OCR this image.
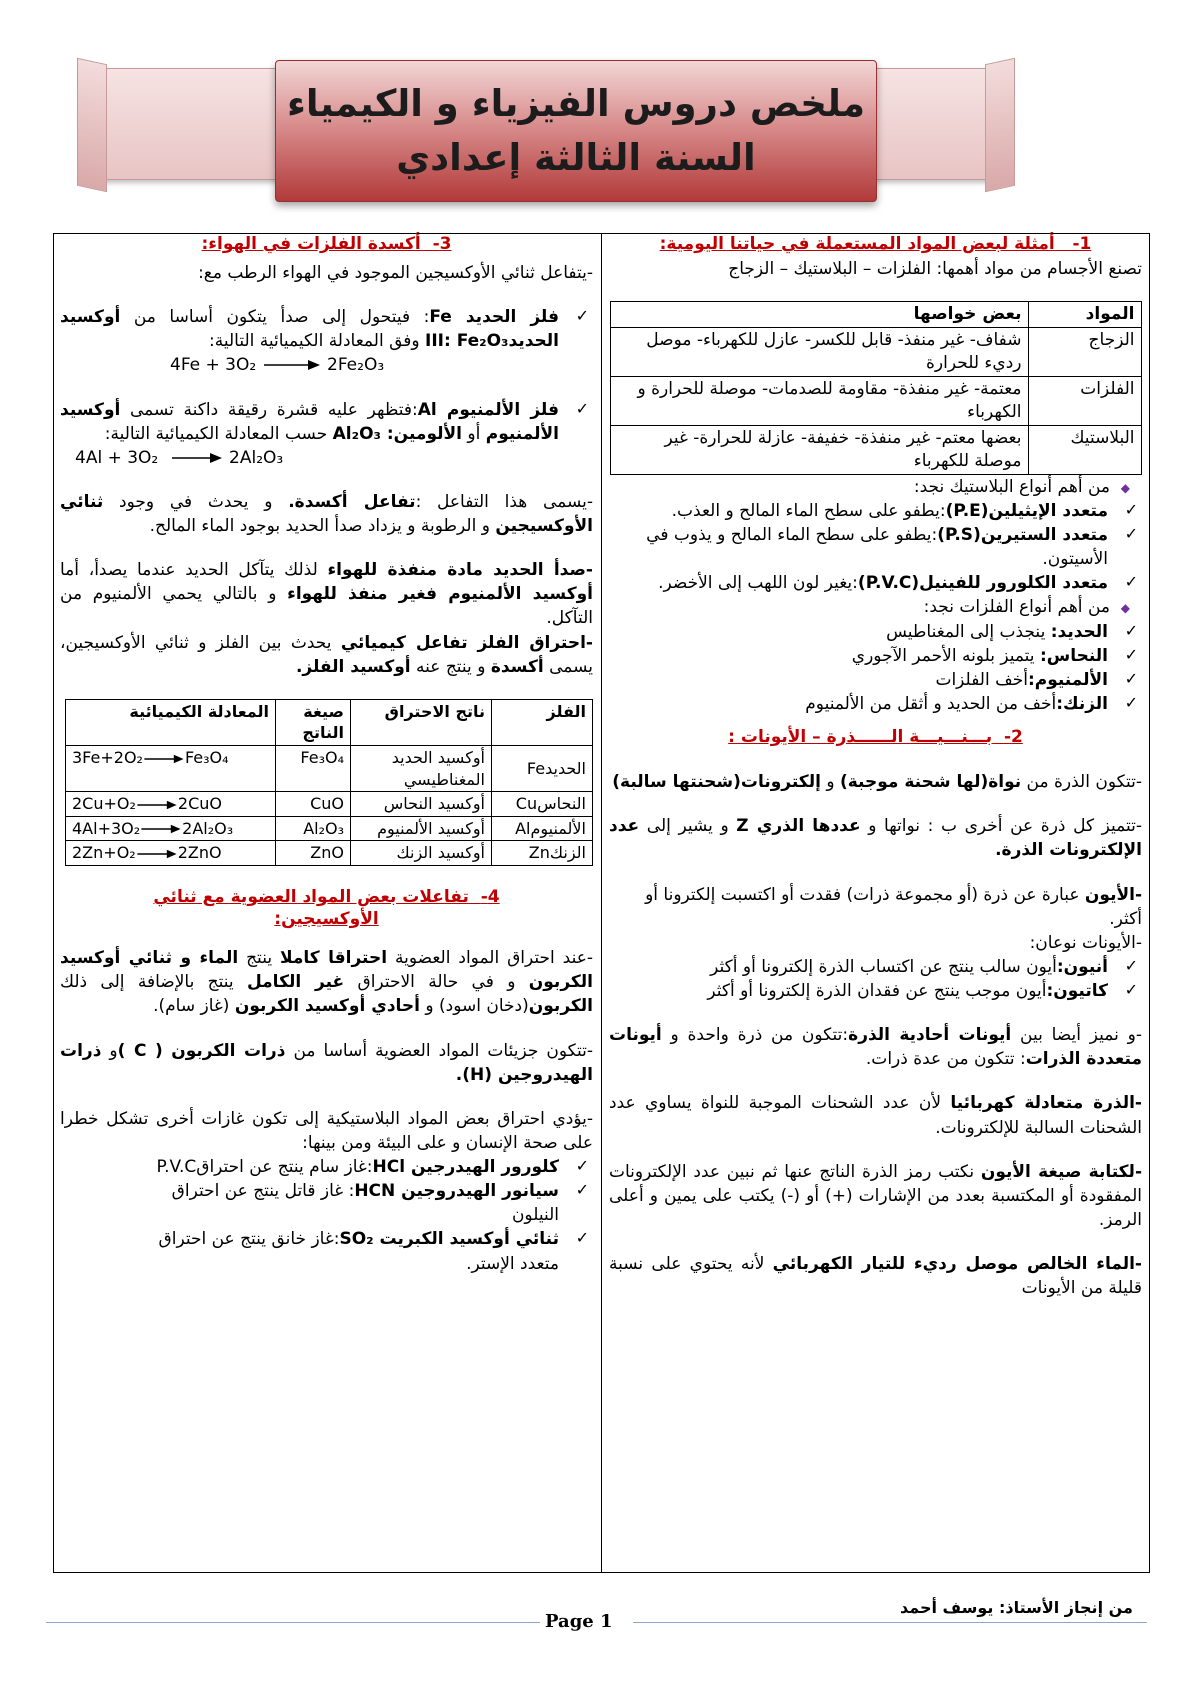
ملخص دروس الفيزياء و الكيمياء
السنة الثالثة إعدادي
1-   أمثلة لبعض المواد المستعملة في حياتنا اليومية:

تصنع الأجسام من مواد أهمها: الفلزات – البلاستيك – الزجاج

المواد	بعض خواصها
الزجاج	شفاف- غير منفذ- قابل للكسر- عازل للكهرباء- موصل رديء للحرارة
الفلزات	معتمة- غير منفذة- مقاومة للصدمات- موصلة للحرارة و الكهرباء
البلاستيك	بعضها معتم- غير منفذة- خفيفة- عازلة للحرارة- غير موصلة للكهرباء

◆من أهم أنواع البلاستيك نجد:

✓
متعدد الإيثيلين(P.E):يطفو على سطح الماء المالح و العذب.
✓
متعدد الستيرين(P.S):يطفو على سطح الماء المالح و يذوب في الأسيتون.
✓
متعدد الكلورور للفينيل(P.V.C):يغير لون اللهب إلى الأخضر.

◆من أهم أنواع الفلزات نجد:

✓
الحديد: ينجذب إلى المغناطيس
✓
النحاس: يتميز بلونه الأحمر الآجوري
✓
الألمنيوم:أخف الفلزات
✓
الزنك:أخف من الحديد و أثقل من الألمنيوم
2-  بـــنـــيـــة الــــــذرة – الأيونات :

-تتكون الذرة من نواة(لها شحنة موجبة) و إلكترونات(شحنتها سالبة)

-تتميز كل ذرة عن أخرى ب : نواتها و عددها الذري Z و يشير إلى عدد الإلكترونات الذرة.

-الأيون عبارة عن ذرة (أو مجموعة ذرات) فقدت أو اكتسبت إلكترونا أو أكثر.

-الأيونات نوعان:

✓
أنيون:أيون سالب ينتج عن اكتساب الذرة إلكترونا أو أكثر
✓
كاتيون:أيون موجب ينتج عن فقدان الذرة إلكترونا أو أكثر

-و نميز أيضا بين أيونات أحادية الذرة:تتكون من ذرة واحدة و أيونات متعددة الذرات: تتكون من عدة ذرات.

-الذرة متعادلة كهربائيا لأن عدد الشحنات الموجبة للنواة يساوي عدد الشحنات السالبة للإلكترونات.

-لكتابة صيغة الأيون نكتب رمز الذرة الناتج عنها ثم نبين عدد الإلكترونات المفقودة أو المكتسبة بعدد من الإشارات (+) أو (-) يكتب على يمين و أعلى الرمز.

-الماء الخالص موصل رديء للتيار الكهربائي لأنه يحتوي على نسبة قليلة من الأيونات

3-  أكسدة الفلزات في الهواء:

-يتفاعل ثنائي الأوكسيجين الموجود في الهواء الرطب مع:

✓
فلز الحديد Fe: فيتحول إلى صدأ يتكون أساسا من أوكسيد الحديدIII: Fe₂O₃ وفق المعادلة الكيميائية التالية:
4Fe + 3O₂ → 2Fe₂O₃
✓
فلز الألمنيوم Al:فتظهر عليه قشرة رقيقة داكنة تسمى أوكسيد الألمنيوم أو الألومين: Al₂O₃ حسب المعادلة الكيميائية التالية:
4Al + 3O₂ → 2Al₂O₃

-يسمى هذا التفاعل :تفاعل أكسدة. و يحدث في وجود ثنائي الأوكسيجين و الرطوبة و يزداد صدأ الحديد بوجود الماء المالح.

-صدأ الحديد مادة منفذة للهواء لذلك يتآكل الحديد عندما يصدأ، أما أوكسيد الألمنيوم فغير منفذ للهواء و بالتالي يحمي الألمنيوم من التآكل.

-احتراق الفلز تفاعل كيميائي يحدث بين الفلز و ثنائي الأوكسيجين، يسمى أكسدة و ينتج عنه أوكسيد الفلز.

الفلز	ناتج الاحتراق	صيغة الناتج	المعادلة الكيميائية
الحديدFe	أوكسيد الحديد المغناطيسي	Fe₃O₄	3Fe+2O₂→Fe₃O₄
النحاسCu	أوكسيد النحاس	CuO	2Cu+O₂→2CuO
الألمنيومAl	أوكسيد الألمنيوم	Al₂O₃	4Al+3O₂→2Al₂O₃
الزنكZn	أوكسيد الزنك	ZnO	2Zn+O₂→2ZnO
4-  تفاعلات بعض المواد العضوية مع ثنائي الأوكسيجين:

-عند احتراق المواد العضوية احتراقا كاملا ينتج الماء و ثنائي أوكسيد الكربون و في حالة الاحتراق غير الكامل ينتج بالإضافة إلى ذلك الكربون(دخان اسود) و أحادي أوكسيد الكربون (غاز سام).

-تتكون جزيئات المواد العضوية أساسا من ذرات الكربون ( C )و ذرات الهيدروجين (H).

-يؤدي احتراق بعض المواد البلاستيكية إلى تكون غازات أخرى تشكل خطرا على صحة الإنسان و على البيئة ومن بينها:

✓
كلورور الهيدرجين HCl:غاز سام ينتج عن احتراقP.V.C
✓
سيانور الهيدروجين HCN: غاز قاتل ينتج عن احتراق النيلون
✓
ثنائي أوكسيد الكبريت SO₂:غاز خانق ينتج عن احتراق متعدد الإستر.
من إنجاز الأستاذ: يوسف أحمد
Page 1
